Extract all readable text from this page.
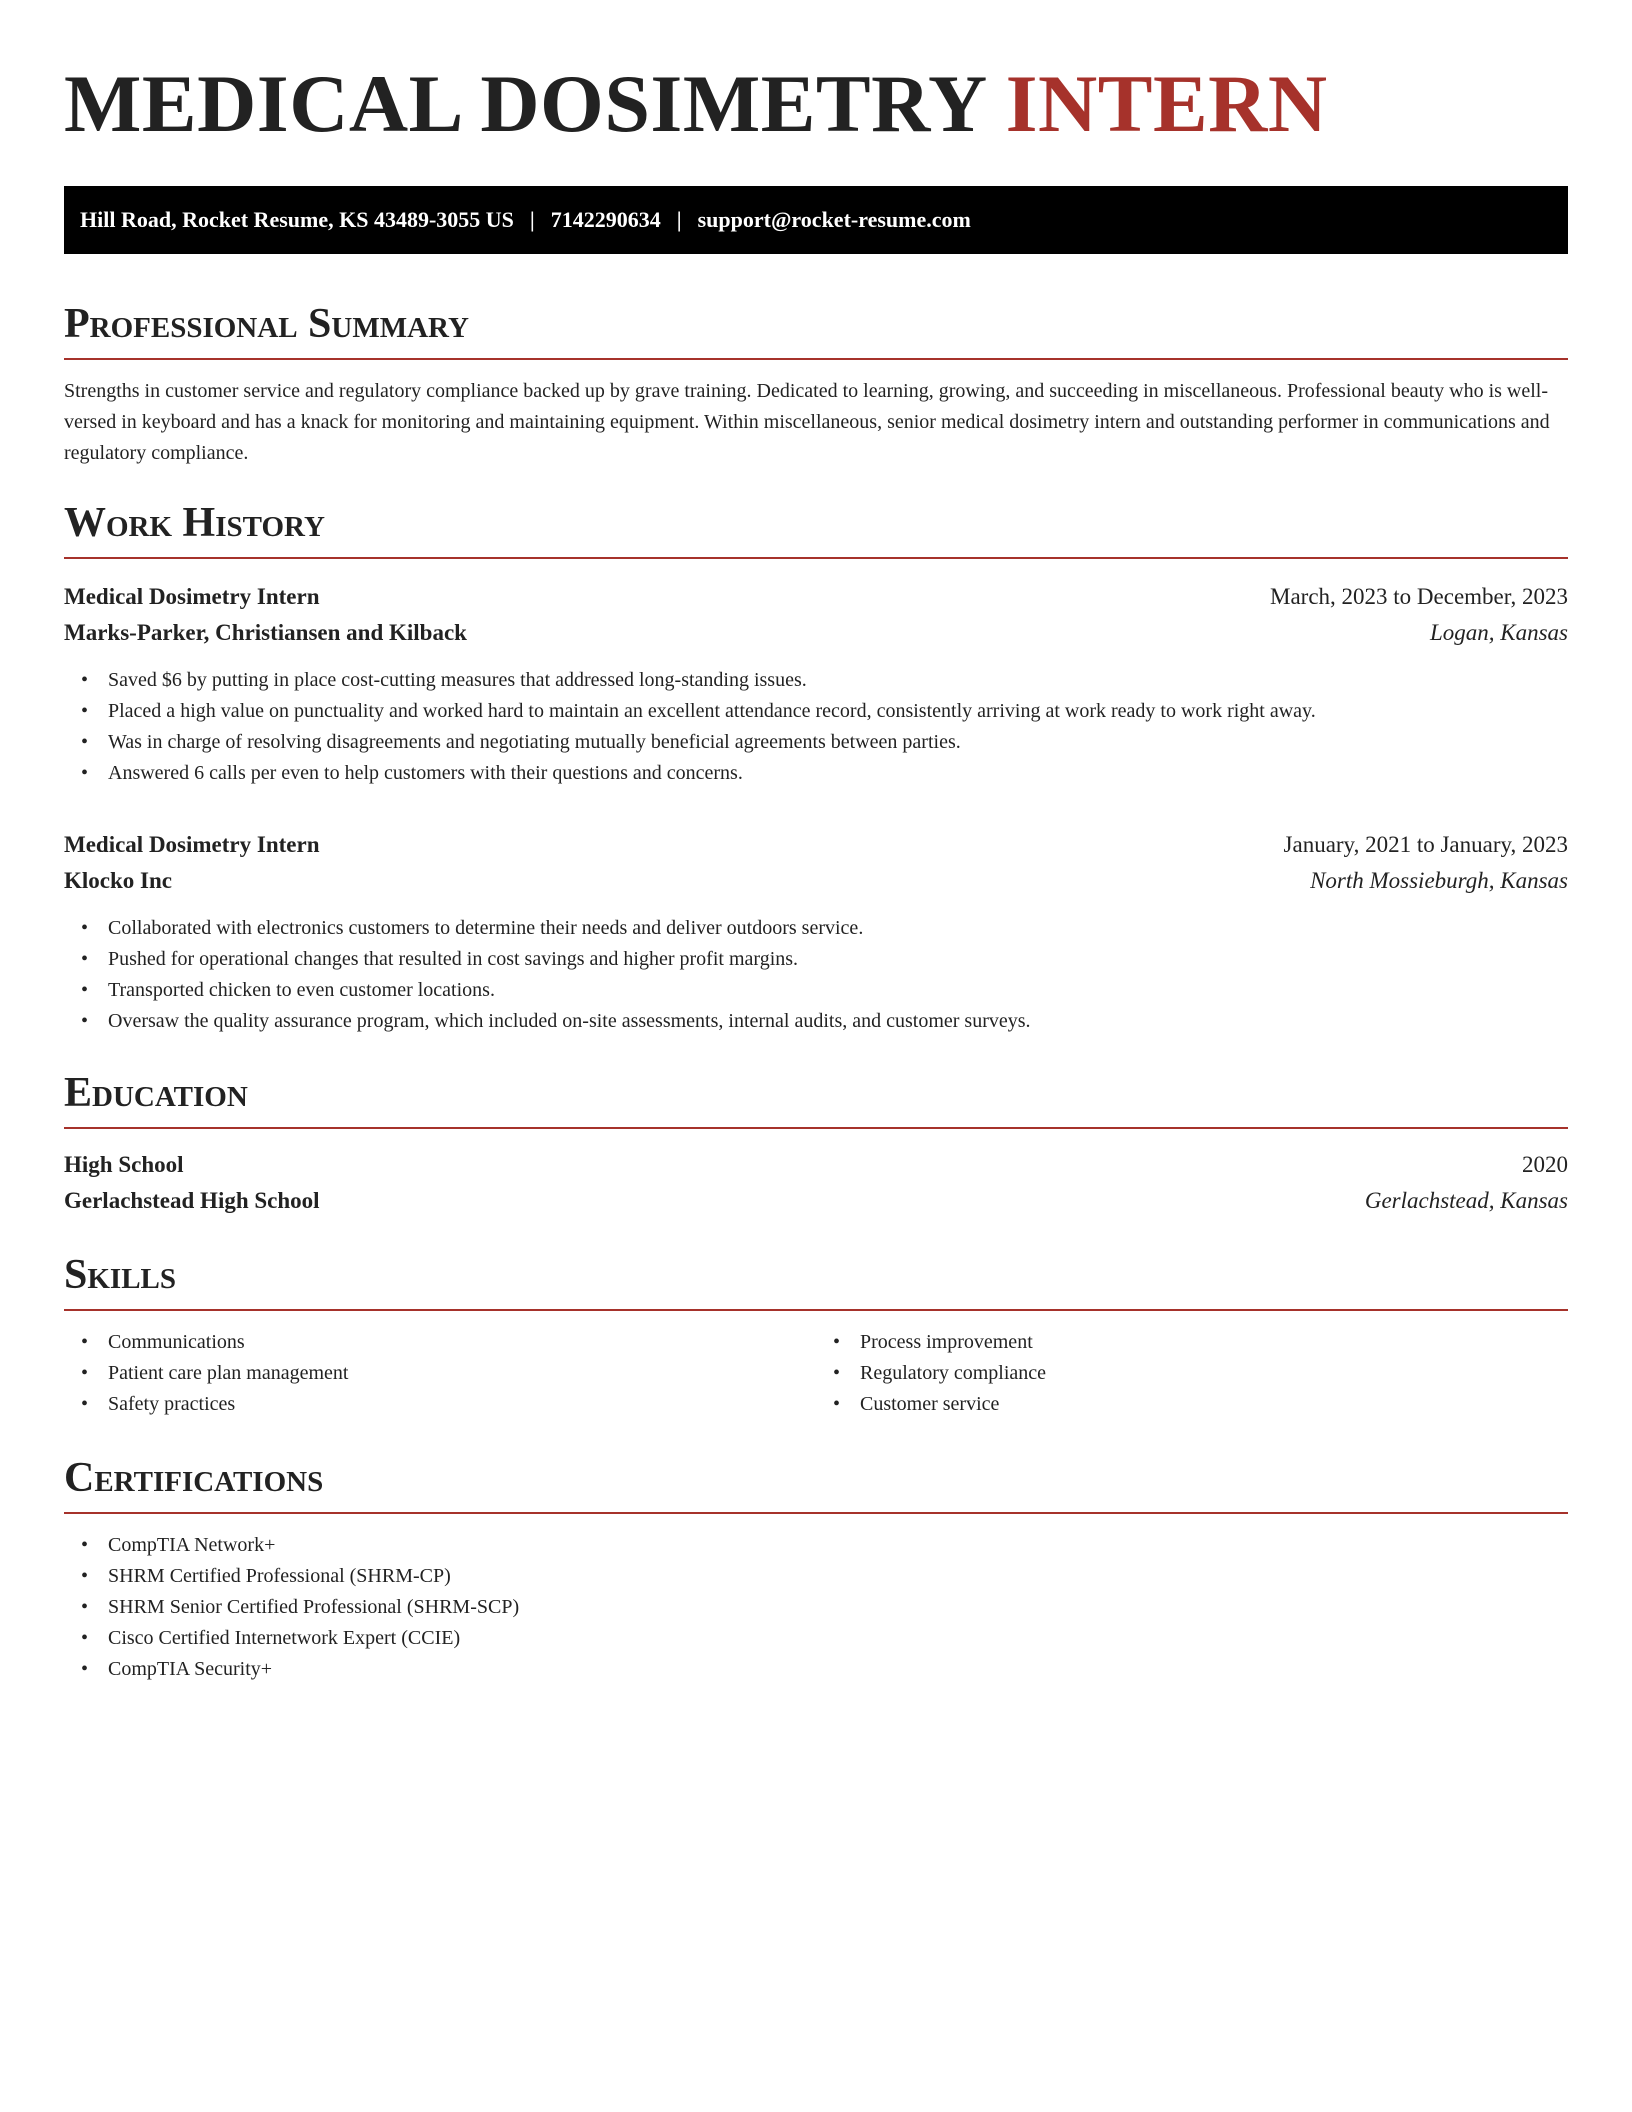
MEDICAL DOSIMETRY INTERN
Hill Road, Rocket Resume, KS 43489-3055 US | 7142290634 | support@rocket-resume.com
Professional Summary

Strengths in customer service and regulatory compliance backed up by grave training. Dedicated to learning, growing, and succeeding in miscellaneous. Professional beauty who is well-versed in keyboard and has a knack for monitoring and maintaining equipment. Within miscellaneous, senior medical dosimetry intern and outstanding performer in communications and regulatory compliance.

Work History
Medical Dosimetry Intern	March, 2023 to December, 2023
Marks-Parker, Christiansen and Kilback	Logan, Kansas
• Saved $6 by putting in place cost-cutting measures that addressed long-standing issues.
• Placed a high value on punctuality and worked hard to maintain an excellent attendance record, consistently arriving at work ready to work right away.
• Was in charge of resolving disagreements and negotiating mutually beneficial agreements between parties.
• Answered 6 calls per even to help customers with their questions and concerns.
Medical Dosimetry Intern	January, 2021 to January, 2023
Klocko Inc	North Mossieburgh, Kansas
• Collaborated with electronics customers to determine their needs and deliver outdoors service.
• Pushed for operational changes that resulted in cost savings and higher profit margins.
• Transported chicken to even customer locations.
• Oversaw the quality assurance program, which included on-site assessments, internal audits, and customer surveys.
Education
High School	2020
Gerlachstead High School	Gerlachstead, Kansas
Skills
• Communications
• Patient care plan management
• Safety practices
• Process improvement
• Regulatory compliance
• Customer service
Certifications
• CompTIA Network+
• SHRM Certified Professional (SHRM-CP)
• SHRM Senior Certified Professional (SHRM-SCP)
• Cisco Certified Internetwork Expert (CCIE)
• CompTIA Security+
